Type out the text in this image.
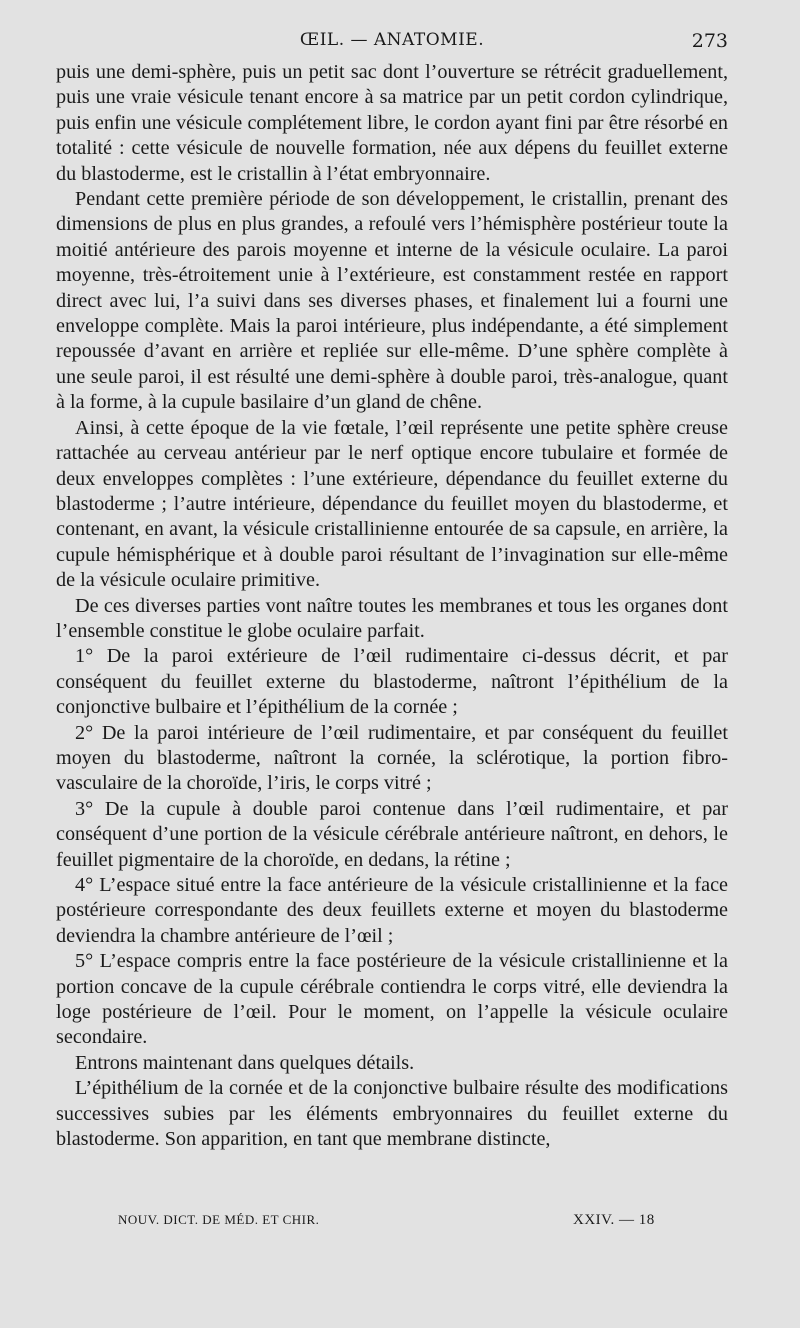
ŒIL. — ANATOMIE.	273

puis une demi-sphère, puis un petit sac dont l’ouverture se rétrécit graduellement, puis une vraie vésicule tenant encore à sa matrice par un petit cordon cylindrique, puis enfin une vésicule complétement libre, le cordon ayant fini par être résorbé en totalité : cette vésicule de nouvelle formation, née aux dépens du feuillet externe du blastoderme, est le cristallin à l’état embryonnaire.

Pendant cette première période de son développement, le cristallin, prenant des dimensions de plus en plus grandes, a refoulé vers l’hémisphère postérieur toute la moitié antérieure des parois moyenne et interne de la vésicule oculaire. La paroi moyenne, très-étroitement unie à l’extérieure, est constamment restée en rapport direct avec lui, l’a suivi dans ses diverses phases, et finalement lui a fourni une enveloppe complète. Mais la paroi intérieure, plus indépendante, a été simplement repoussée d’avant en arrière et repliée sur elle-même. D’une sphère complète à une seule paroi, il est résulté une demi-sphère à double paroi, très-analogue, quant à la forme, à la cupule basilaire d’un gland de chêne.

Ainsi, à cette époque de la vie fœtale, l’œil représente une petite sphère creuse rattachée au cerveau antérieur par le nerf optique encore tubulaire et formée de deux enveloppes complètes : l’une extérieure, dépendance du feuillet externe du blastoderme ; l’autre intérieure, dépendance du feuillet moyen du blastoderme, et contenant, en avant, la vésicule cristallinienne entourée de sa capsule, en arrière, la cupule hémisphérique et à double paroi résultant de l’invagination sur elle-même de la vésicule oculaire primitive.

De ces diverses parties vont naître toutes les membranes et tous les organes dont l’ensemble constitue le globe oculaire parfait.

1° De la paroi extérieure de l’œil rudimentaire ci-dessus décrit, et par conséquent du feuillet externe du blastoderme, naîtront l’épithélium de la conjonctive bulbaire et l’épithélium de la cornée ;

2° De la paroi intérieure de l’œil rudimentaire, et par conséquent du feuillet moyen du blastoderme, naîtront la cornée, la sclérotique, la portion fibro-vasculaire de la choroïde, l’iris, le corps vitré ;

3° De la cupule à double paroi contenue dans l’œil rudimentaire, et par conséquent d’une portion de la vésicule cérébrale antérieure naîtront, en dehors, le feuillet pigmentaire de la choroïde, en dedans, la rétine ;

4° L’espace situé entre la face antérieure de la vésicule cristallinienne et la face postérieure correspondante des deux feuillets externe et moyen du blastoderme deviendra la chambre antérieure de l’œil ;

5° L’espace compris entre la face postérieure de la vésicule cristallinienne et la portion concave de la cupule cérébrale contiendra le corps vitré, elle deviendra la loge postérieure de l’œil. Pour le moment, on l’appelle la vésicule oculaire secondaire.

Entrons maintenant dans quelques détails.

L’épithélium de la cornée et de la conjonctive bulbaire résulte des modifications successives subies par les éléments embryonnaires du feuillet externe du blastoderme. Son apparition, en tant que membrane distincte,

NOUV. DICT. DE MÉD. ET CHIR.	XXIV. — 18
